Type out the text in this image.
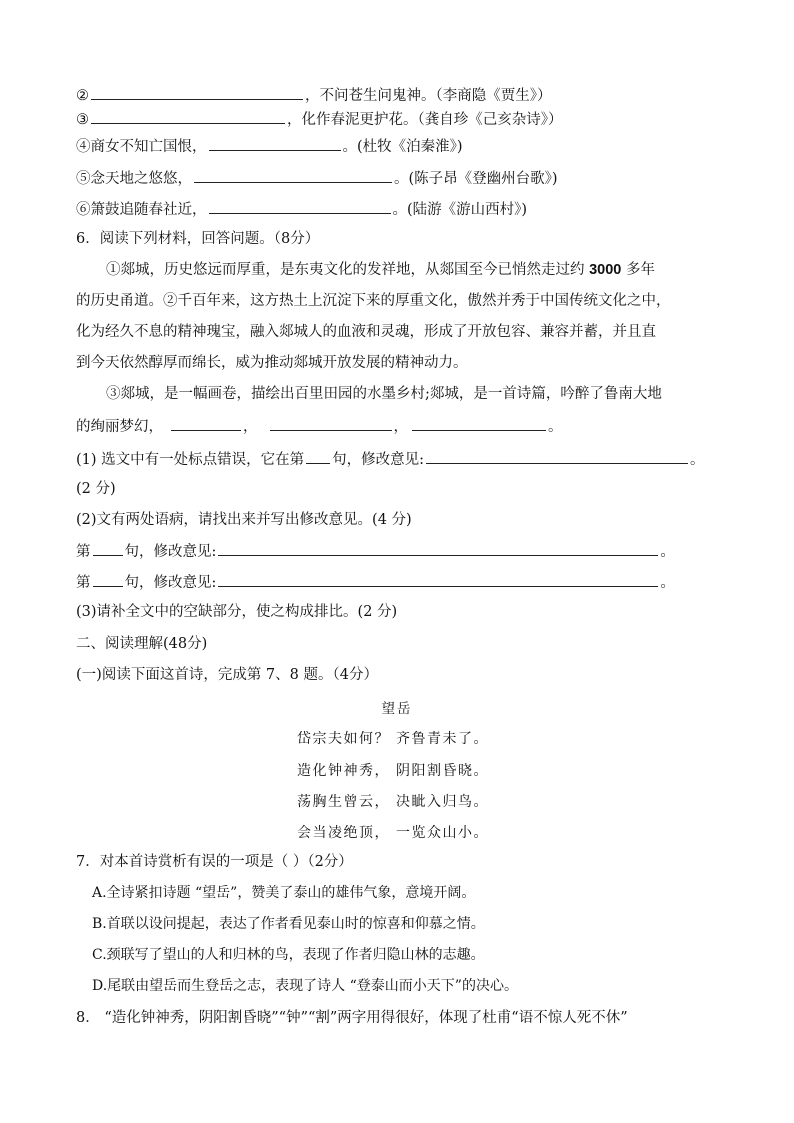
②	，不问苍生问鬼神。（李商隐《贾生》）
③	，化作春泥更护花。（龚自珍《己亥杂诗》）
④商女不知亡国恨，	。(杜牧《泊秦淮》)
⑤念天地之悠悠，	。(陈子昂《登幽州台歌》)
⑥箫鼓追随春社近，	。(陆游《游山西村》)
6．阅读下列材料，回答问题。（8分）
①郯城，历史悠远而厚重，是东夷文化的发祥地，从郯国至今已悄然走过约 3000 多年
的历史甬道。②千百年来，这方热土上沉淀下来的厚重文化，傲然并秀于中国传统文化之中，
化为经久不息的精神瑰宝，融入郯城人的血液和灵魂，形成了开放包容、兼容并蓄，并且直
到今天依然醇厚而绵长，威为推动郯城开放发展的精神动力。
③郯城，是一幅画卷，描绘出百里田园的水墨乡村;郯城，是一首诗篇，吟醉了鲁南大地
的绚丽梦幻，	，	，	。
(1) 选文中有一处标点错误，它在第 句，修改意见:	。
(2 分)
(2)文有两处语病，请找出来并写出修改意见。(4 分)
第 句，修改意见:	。
第 句，修改意见:	。
(3)请补全文中的空缺部分，使之构成排比。(2 分)
二、阅读理解(48分)
(一)阅读下面这首诗，完成第 7、8 题。（4分）
望岳
岱宗夫如何？ 齐鲁青未了。
造化钟神秀， 阴阳割昏晓。
荡胸生曾云， 决眦入归鸟。
会当凌绝顶， 一览众山小。
7．对本首诗赏析有误的一项是（ ）（2分）
A.全诗紧扣诗题 “望岳”，赞美了泰山的雄伟气象，意境开阔。
B.首联以设问提起，表达了作者看见泰山时的惊喜和仰慕之情。
C.颈联写了望山的人和归林的鸟，表现了作者归隐山林的志趣。
D.尾联由望岳而生登岳之志，表现了诗人 “登泰山而小天下”的决心。
8． “造化钟神秀，阴阳割昏晓”“钟”“割”两字用得很好，体现了杜甫“语不惊人死不休”
